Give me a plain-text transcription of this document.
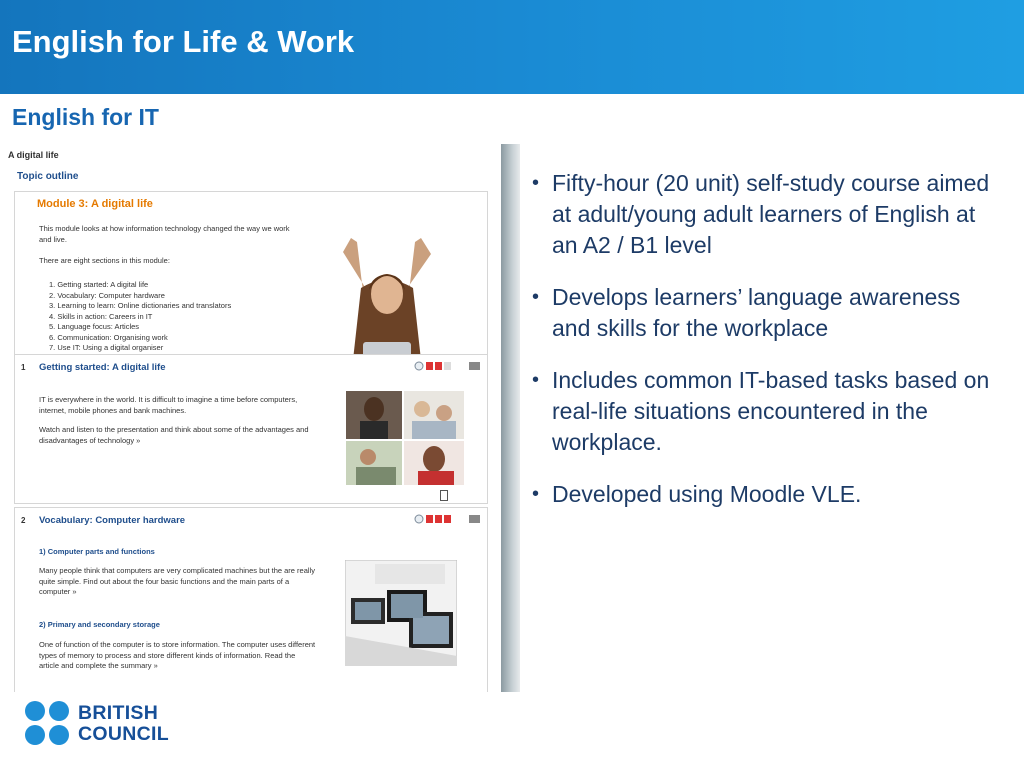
English for Life & Work
English for IT
A digital life
Topic outline
Module 3: A digital life
This module looks at how information technology changed the way we work
and live.
There are eight sections in this module:
1. Getting started: A digital life
2. Vocabulary: Computer hardware
3. Learning to learn: Online dictionaries and translators
4. Skills in action: Careers in IT
5. Language focus: Articles
6. Communication: Organising work
7. Use IT: Using a digital organiser
1 Getting started: A digital life
IT is everywhere in the world. It is difficult to imagine a time before computers,
internet, mobile phones and bank machines.
Watch and listen to the presentation and think about some of the advantages and
disadvantages of technology »
2 Vocabulary: Computer hardware
1) Computer parts and functions
Many people think that computers are very complicated machines but the are really
quite simple. Find out about the four basic functions and the main parts of a
computer »
2) Primary and secondary storage
One of function of the computer is to store information. The computer uses different
types of memory to process and store different kinds of information. Read the
article and complete the summary »
• Fifty-hour (20 unit) self-study course aimed at adult/young adult learners of English at an A2 / B1 level
• Develops learners’ language awareness and skills for the workplace
• Includes common IT-based tasks based on real-life situations encountered in the workplace.
• Developed using Moodle VLE.
BRITISH
COUNCIL
